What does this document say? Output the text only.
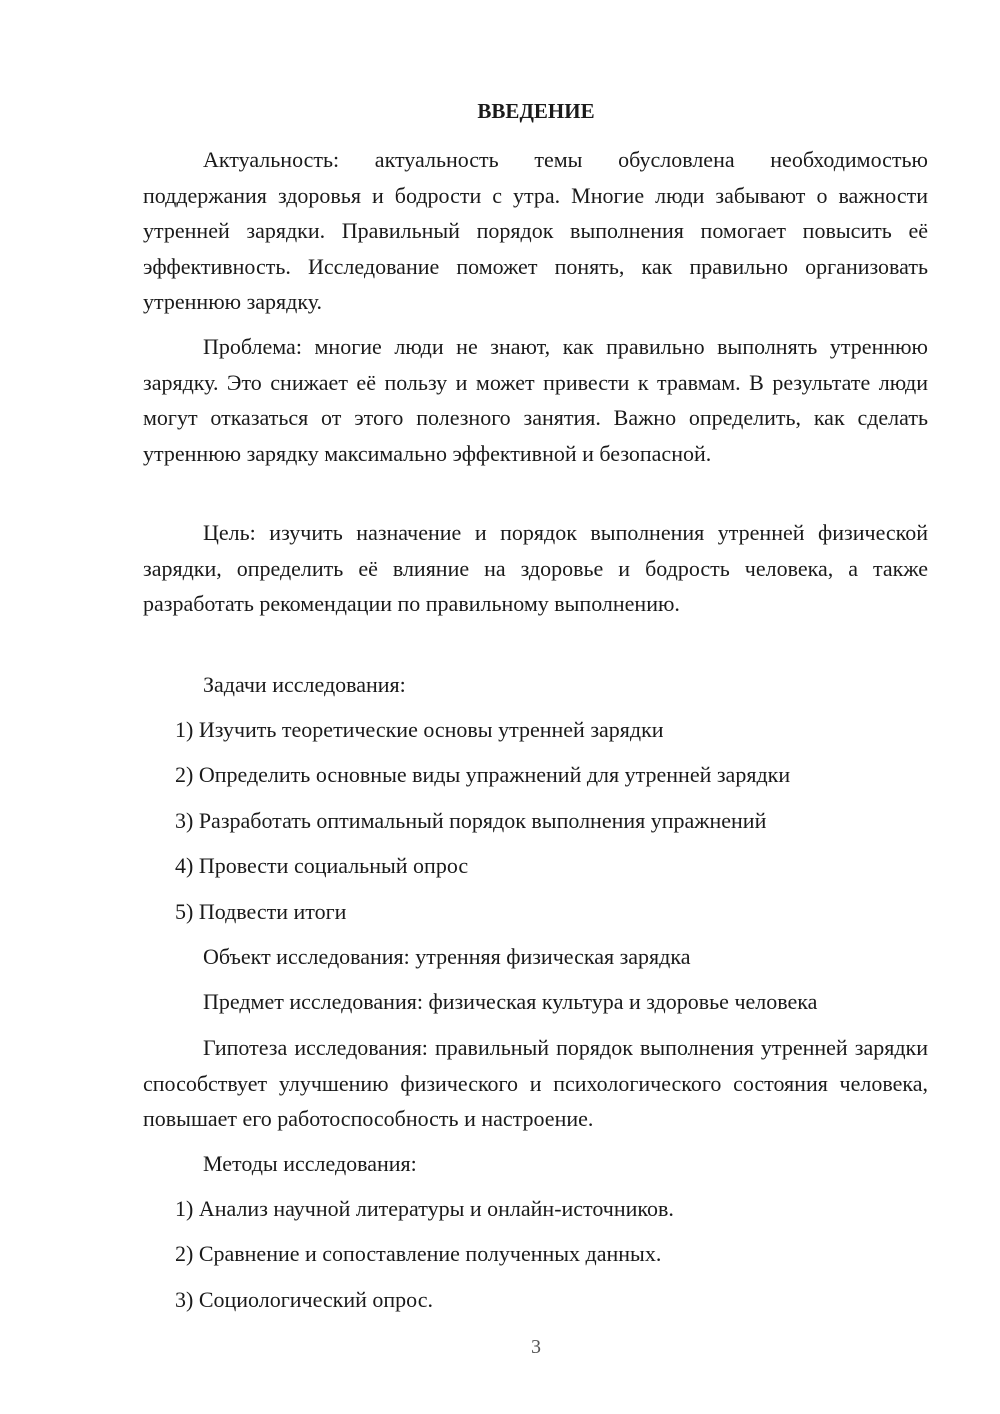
ВВЕДЕНИЕ

Актуальность: актуальность темы обусловлена необходимостью поддержания здоровья и бодрости с утра. Многие люди забывают о важности утренней зарядки. Правильный порядок выполнения помогает повысить её эффективность. Исследование поможет понять, как правильно организовать утреннюю зарядку.

Проблема: многие люди не знают, как правильно выполнять утреннюю зарядку. Это снижает её пользу и может привести к травмам. В результате люди могут отказаться от этого полезного занятия. Важно определить, как сделать утреннюю зарядку максимально эффективной и безопасной.

Цель: изучить назначение и порядок выполнения утренней физической зарядки, определить её влияние на здоровье и бодрость человека, а также разработать рекомендации по правильному выполнению.

Задачи исследования:

1) Изучить теоретические основы утренней зарядки

2) Определить основные виды упражнений для утренней зарядки

3) Разработать оптимальный порядок выполнения упражнений

4) Провести социальный опрос

5) Подвести итоги

Объект исследования: утренняя физическая зарядка

Предмет исследования: физическая культура и здоровье человека

Гипотеза исследования: правильный порядок выполнения утренней зарядки способствует улучшению физического и психологического состояния человека, повышает его работоспособность и настроение.

Методы исследования:

1) Анализ научной литературы и онлайн-источников.

2) Сравнение и сопоставление полученных данных.

3) Социологический опрос.

3
